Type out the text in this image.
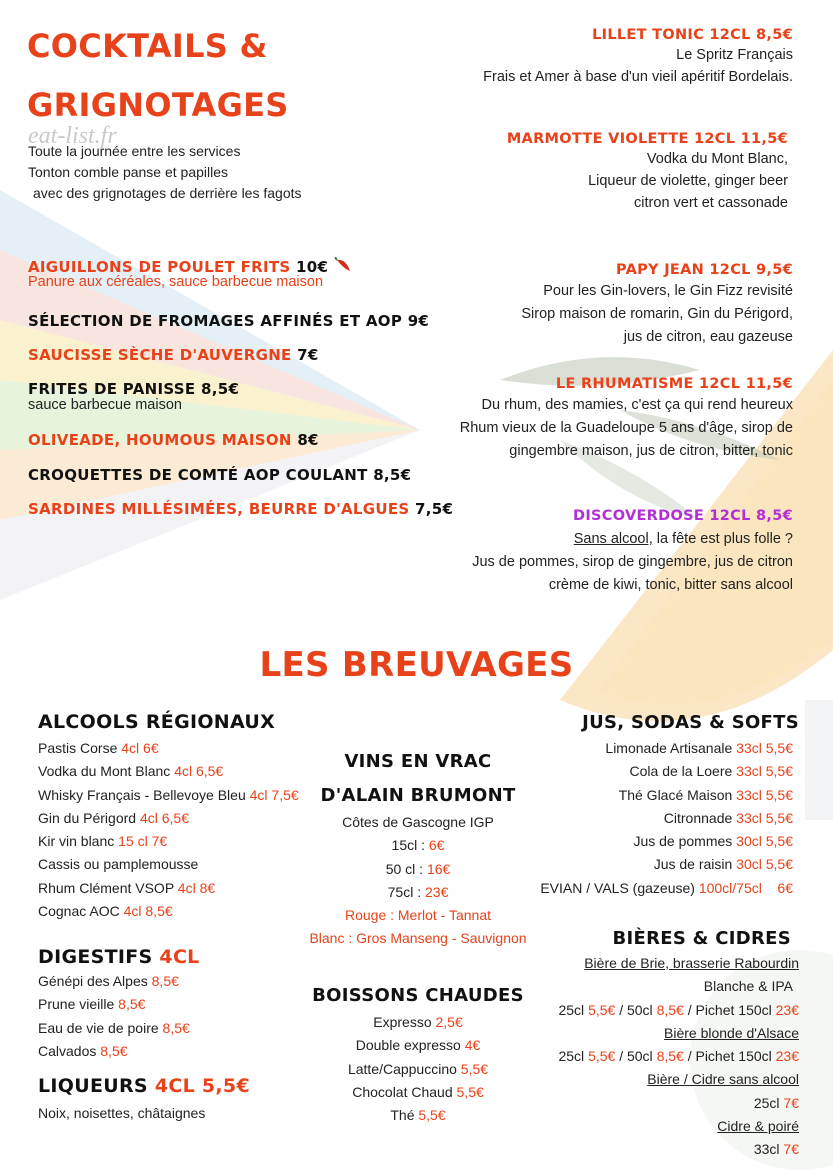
COCKTAILS &
GRIGNOTAGES
eat-list.fr
Toute la journée entre les services
Tonton comble panse et papilles
avec des grignotages de derrière les fagots
AIGUILLONS DE POULET FRITS 10€
Panure aux céréales, sauce barbecue maison
SÉLECTION DE FROMAGES AFFINÉS ET AOP 9€
SAUCISSE SÈCHE D'AUVERGNE 7€
FRITES DE PANISSE 8,5€
sauce barbecue maison
OLIVEADE, HOUMOUS MAISON 8€
CROQUETTES DE COMTÉ AOP COULANT 8,5€
SARDINES MILLÉSIMÉES, BEURRE D'ALGUES 7,5€
LILLET TONIC 12CL 8,5€
Le Spritz Français
Frais et Amer à base d'un vieil apéritif Bordelais.
MARMOTTE VIOLETTE 12CL 11,5€
Vodka du Mont Blanc,
Liqueur de violette, ginger beer
citron vert et cassonade
PAPY JEAN 12CL 9,5€
Pour les Gin-lovers, le Gin Fizz revisité
Sirop maison de romarin, Gin du Périgord,
jus de citron, eau gazeuse
LE RHUMATISME 12CL 11,5€
Du rhum, des mamies, c'est ça qui rend heureux
Rhum vieux de la Guadeloupe 5 ans d'âge, sirop de
gingembre maison, jus de citron, bitter, tonic
DISCOVERDOSE 12CL 8,5€
Sans alcool, la fête est plus folle ?
Jus de pommes, sirop de gingembre, jus de citron
crème de kiwi, tonic, bitter sans alcool
LES BREUVAGES
ALCOOLS RÉGIONAUX
Pastis Corse 4cl 6€
Vodka du Mont Blanc 4cl 6,5€
Whisky Français - Bellevoye Bleu 4cl 7,5€
Gin du Périgord 4cl 6,5€
Kir vin blanc 15 cl 7€
Cassis ou pamplemousse
Rhum Clément VSOP 4cl 8€
Cognac AOC 4cl 8,5€
DIGESTIFS 4CL
Génépi des Alpes 8,5€
Prune vieille 8,5€
Eau de vie de poire 8,5€
Calvados 8,5€
LIQUEURS 4CL 5,5€
Noix, noisettes, châtaignes
VINS EN VRAC
D'ALAIN BRUMONT
Côtes de Gascogne IGP
15cl : 6€
50 cl : 16€
75cl : 23€
Rouge : Merlot - Tannat
Blanc : Gros Manseng - Sauvignon
BOISSONS CHAUDES
Expresso 2,5€
Double expresso 4€
Latte/Cappuccino 5,5€
Chocolat Chaud 5,5€
Thé 5,5€
JUS, SODAS & SOFTS
Limonade Artisanale 33cl 5,5€
Cola de la Loere 33cl 5,5€
Thé Glacé Maison 33cl 5,5€
Citronnade 33cl 5,5€
Jus de pommes 30cl 5,5€
Jus de raisin 30cl 5,5€
EVIAN / VALS (gazeuse) 100cl/75cl    6€
BIÈRES & CIDRES
Bière de Brie, brasserie Rabourdin
Blanche & IPA
25cl 5,5€ / 50cl 8,5€ / Pichet 150cl 23€
Bière blonde d'Alsace
25cl 5,5€ / 50cl 8,5€ / Pichet 150cl 23€
Bière / Cidre sans alcool
25cl 7€
Cidre & poiré
33cl 7€
